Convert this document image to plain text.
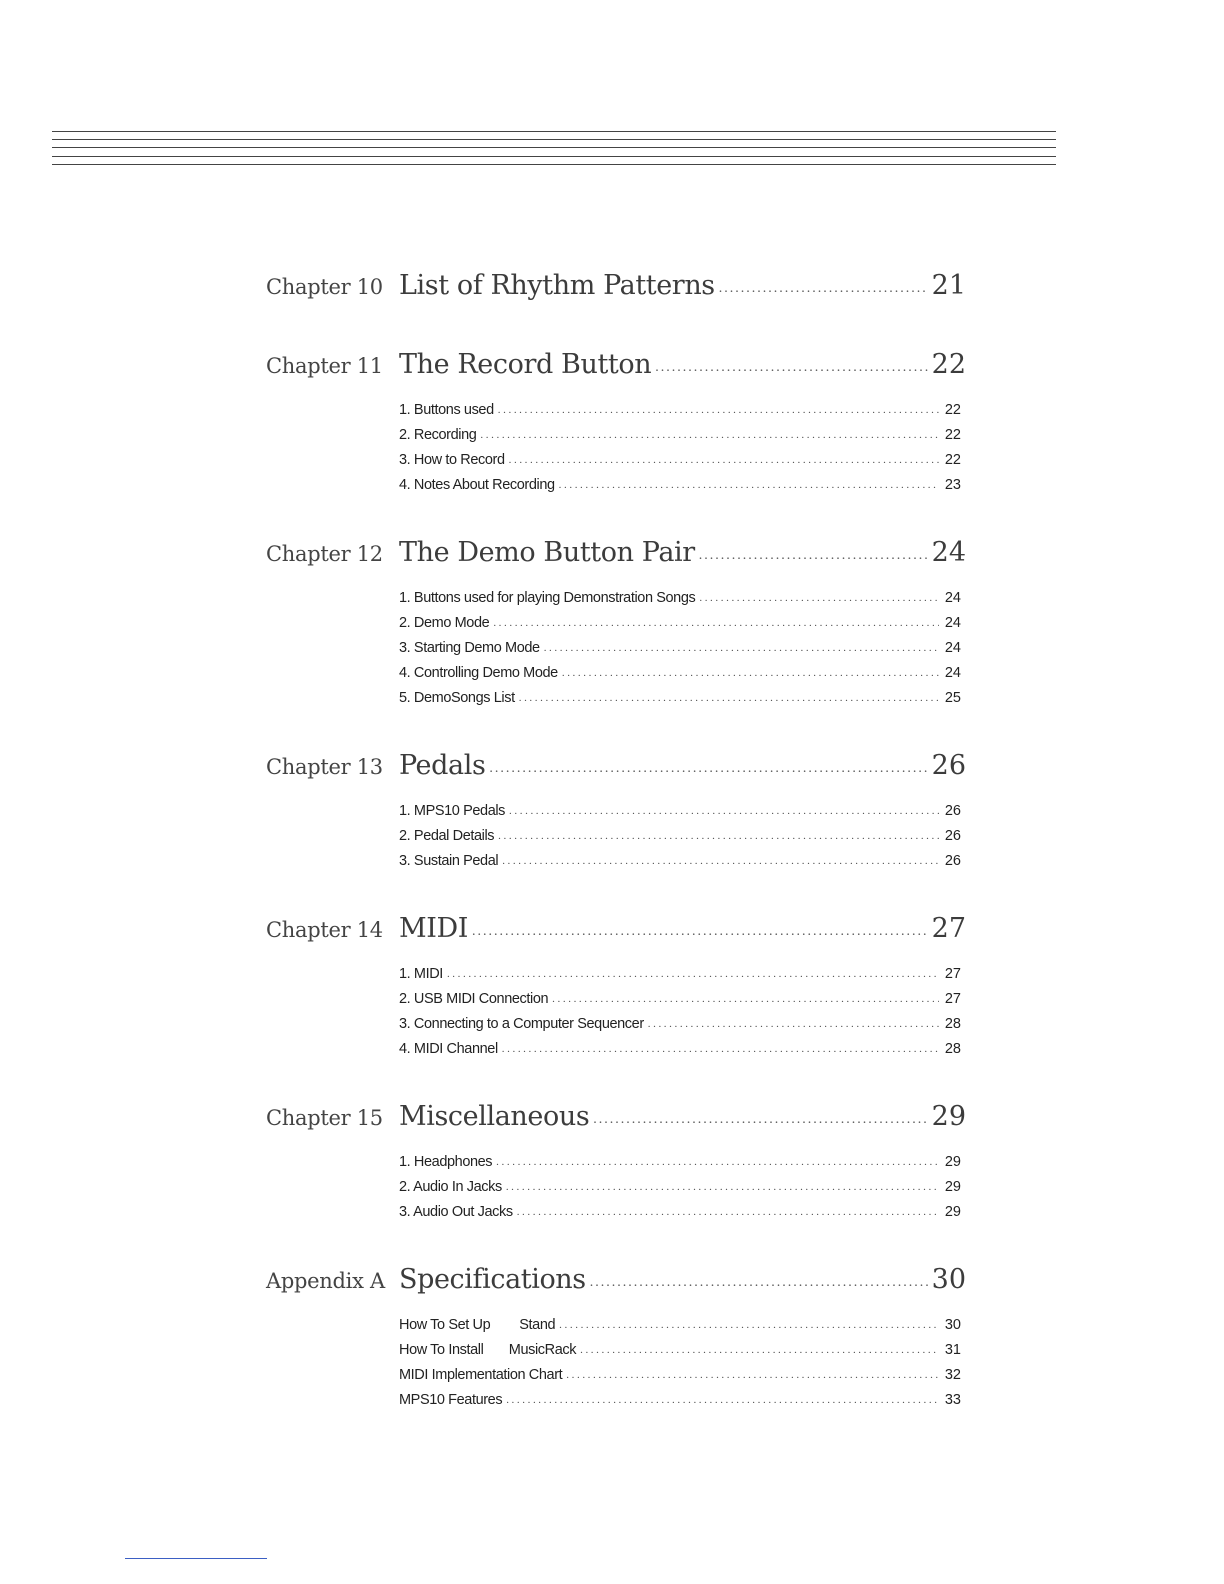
Chapter 10 List of Rhythm Patterns .....	21
Chapter 11 The Record Button .....	22
1. Buttons used .....	22
2. Recording .....	22
3. How to Record .....	22
4. Notes About Recording .....	23
Chapter 12 The Demo Button Pair .....	24
1. Buttons used for playing Demonstration Songs .....	24
2. Demo Mode .....	24
3. Starting Demo Mode .....	24
4. Controlling Demo Mode .....	24
5. DemoSongs List .....	25
Chapter 13 Pedals .....	26
1. MPS10 Pedals .....	26
2. Pedal Details .....	26
3. Sustain Pedal .....	26
Chapter 14 MIDI .....	27
1. MIDI .....	27
2. USB MIDI Connection .....	27
3. Connecting to a Computer Sequencer .....	28
4. MIDI Channel .....	28
Chapter 15 Miscellaneous .....	29
1. Headphones .....	29
2. Audio In Jacks .....	29
3. Audio Out Jacks .....	29
Appendix A Specifications .....	30
How To Set Up        Stand .....	30
How To Install       MusicRack .....	31
MIDI Implementation Chart .....	32
MPS10 Features .....	33
